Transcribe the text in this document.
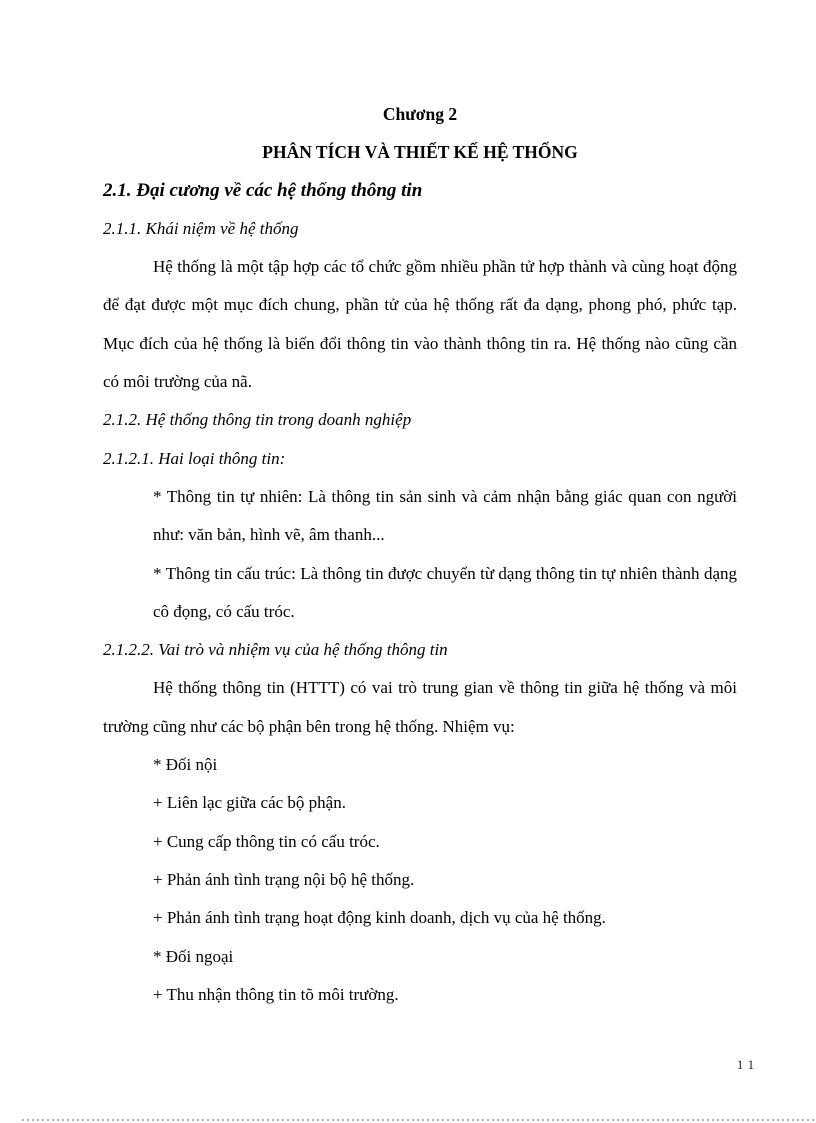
Chương 2

PHÂN TÍCH VÀ THIẾT KẾ HỆ THỐNG

2.1. Đại cương về các hệ thống thông tin

2.1.1. Khái niệm về hệ thống

Hệ thống là một tập hợp các tổ chức gồm nhiều phần tử hợp thành và cùng hoạt động để đạt được một mục đích chung, phần tử của hệ thống rất đa dạng, phong phó, phức tạp. Mục đích của hệ thống là biến đổi thông tin vào thành thông tin ra. Hệ thống nào cũng cần có môi trường của nã.

2.1.2. Hệ thống thông tin trong doanh nghiệp

2.1.2.1. Hai loại thông tin:

* Thông tin tự nhiên: Là thông tin sản sinh và cảm nhận bằng giác quan con người như: văn bản, hình vẽ, âm thanh...

* Thông tin cấu trúc: Là thông tin được chuyển từ dạng thông tin tự nhiên thành dạng cô đọng, có cấu tróc.

2.1.2.2. Vai trò và nhiệm vụ của hệ thống thông tin

Hệ thống thông tin (HTTT) có vai trò trung gian về thông tin giữa hệ thống và môi trường cũng như các bộ phận bên trong hệ thống. Nhiệm vụ:

* Đối nội

+ Liên lạc giữa các bộ phận.

+ Cung cấp thông tin có cấu tróc.

+ Phản ánh tình trạng nội bộ hệ thống.

+ Phản ánh tình trạng hoạt động kinh doanh, dịch vụ của hệ thống.

* Đối ngoại

+ Thu nhận thông tin tõ môi trường.

11
